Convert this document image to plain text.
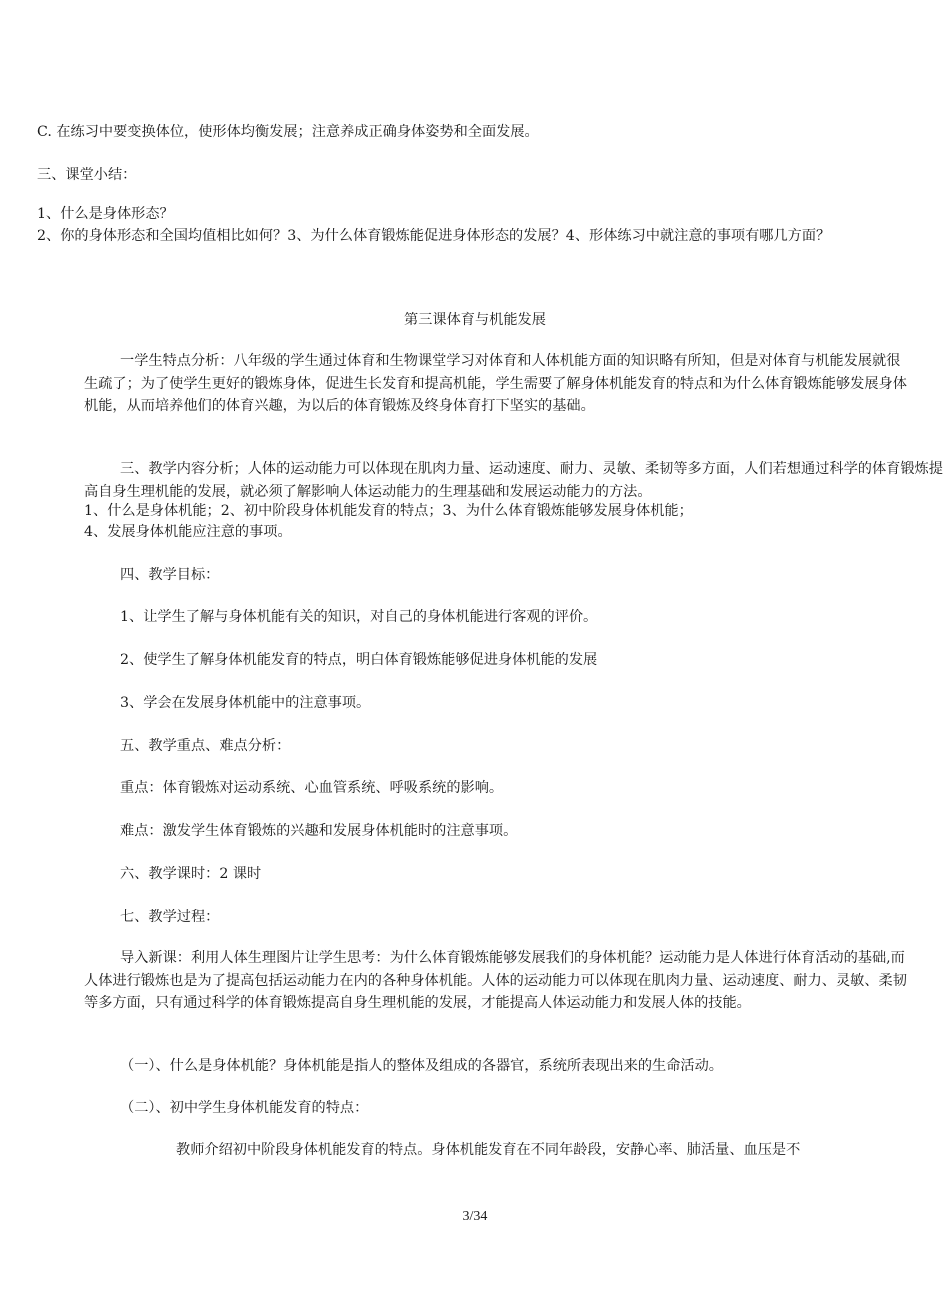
C. 在练习中要变换体位，使形体均衡发展；注意养成正确身体姿势和全面发展。

三、课堂小结：

1、什么是身体形态？

2、你的身体形态和全国均值相比如何？3、为什么体育锻炼能促进身体形态的发展？4、形体练习中就注意的事项有哪几方面？

第三课体育与机能发展

一学生特点分析：八年级的学生通过体育和生物课堂学习对体育和人体机能方面的知识略有所知，但是对体育与机能发展就很生疏了；为了使学生更好的锻炼身体，促进生长发育和提高机能，学生需要了解身体机能发育的特点和为什么体育锻炼能够发展身体机能，从而培养他们的体育兴趣，为以后的体育锻炼及终身体育打下坚实的基础。

三、教学内容分析；人体的运动能力可以体现在肌肉力量、运动速度、耐力、灵敏、柔韧等多方面，人们若想通过科学的体育锻炼提高自身生理机能的发展，就必须了解影响人体运动能力的生理基础和发展运动能力的方法。

1、什么是身体机能；2、初中阶段身体机能发育的特点；3、为什么体育锻炼能够发展身体机能；

4、发展身体机能应注意的事项。

四、教学目标：

1、让学生了解与身体机能有关的知识，对自己的身体机能进行客观的评价。

2、使学生了解身体机能发育的特点，明白体育锻炼能够促进身体机能的发展

3、学会在发展身体机能中的注意事项。

五、教学重点、难点分析：

重点：体育锻炼对运动系统、心血管系统、呼吸系统的影响。

难点：激发学生体育锻炼的兴趣和发展身体机能时的注意事项。

六、教学课时：2 课时

七、教学过程：

导入新课：利用人体生理图片让学生思考：为什么体育锻炼能够发展我们的身体机能？运动能力是人体进行体育活动的基础,而人体进行锻炼也是为了提高包括运动能力在内的各种身体机能。人体的运动能力可以体现在肌肉力量、运动速度、耐力、灵敏、柔韧等多方面，只有通过科学的体育锻炼提高自身生理机能的发展，才能提高人体运动能力和发展人体的技能。

（一）、什么是身体机能？身体机能是指人的整体及组成的各器官，系统所表现出来的生命活动。

（二）、初中学生身体机能发育的特点：

教师介绍初中阶段身体机能发育的特点。身体机能发育在不同年龄段，安静心率、肺活量、血压是不

3/34
